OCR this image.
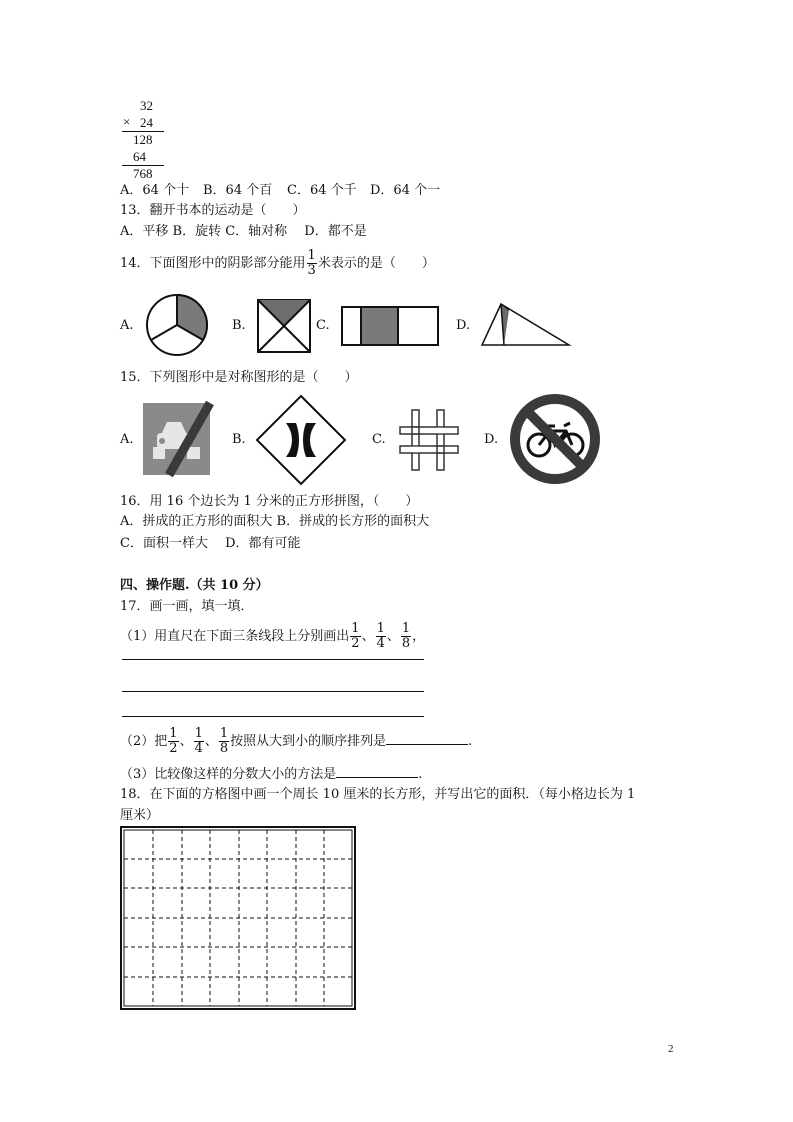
32
× 24
128
64
768
A．64 个十 B．64 个百 C．64 个千 D．64 个一
13．翻开书本的运动是（　　）
A．平移 B．旋转 C．轴对称　 D．都不是
14．下面图形中的阴影部分能用 $\frac{1}{3}$ 米表示的是（　　）
A.	B.	C.	D.
15．下列图形中是对称图形的是（　　）
A.	B.	C.	D.
16．用 16 个边长为 1 分米的正方形拼图，（　　）
A．拼成的正方形的面积大 B．拼成的长方形的面积大
C．面积一样大　 D．都有可能
四、操作题.（共 10 分）
17．画一画，填一填．
（1）用直尺在下面三条线段上分别画出 $\frac{1}{2}$ 、 $\frac{1}{4}$ 、 $\frac{1}{8}$ ，
（2）把 $\frac{1}{2}$ 、 $\frac{1}{4}$ 、 $\frac{1}{8}$ 按照从大到小的顺序排列是	.
（3）比较像这样的分数大小的方法是	.
18．在下面的方格图中画一个周长 10 厘米的长方形，并写出它的面积．（每小格边长为 1
厘米）
2
